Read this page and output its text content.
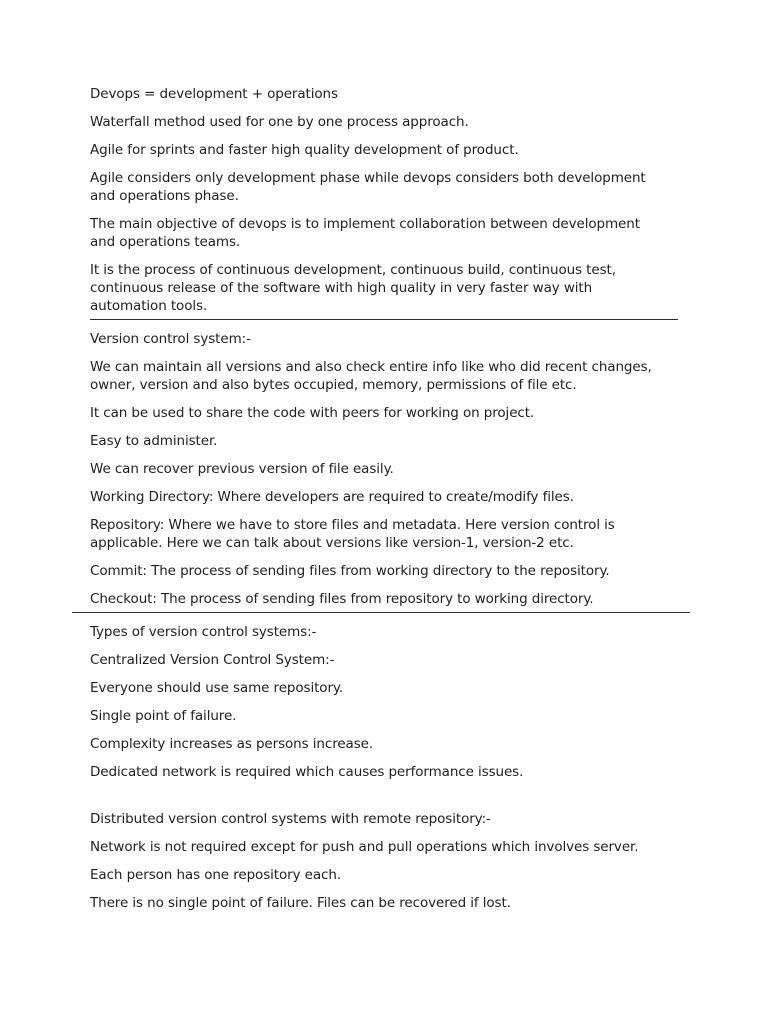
Devops = development + operations
Waterfall method used for one by one process approach.
Agile for sprints and faster high quality development of product.
Agile considers only development phase while devops considers both development
and operations phase.
The main objective of devops is to implement collaboration between development
and operations teams.
It is the process of continuous development, continuous build, continuous test,
continuous release of the software with high quality in very faster way with
automation tools.
Version control system:-
We can maintain all versions and also check entire info like who did recent changes,
owner, version and also bytes occupied, memory, permissions of file etc.
It can be used to share the code with peers for working on project.
Easy to administer.
We can recover previous version of file easily.
Working Directory: Where developers are required to create/modify files.
Repository: Where we have to store files and metadata. Here version control is
applicable. Here we can talk about versions like version-1, version-2 etc.
Commit: The process of sending files from working directory to the repository.
Checkout: The process of sending files from repository to working directory.
Types of version control systems:-
Centralized Version Control System:-
Everyone should use same repository.
Single point of failure.
Complexity increases as persons increase.
Dedicated network is required which causes performance issues.
Distributed version control systems with remote repository:-
Network is not required except for push and pull operations which involves server.
Each person has one repository each.
There is no single point of failure. Files can be recovered if lost.
